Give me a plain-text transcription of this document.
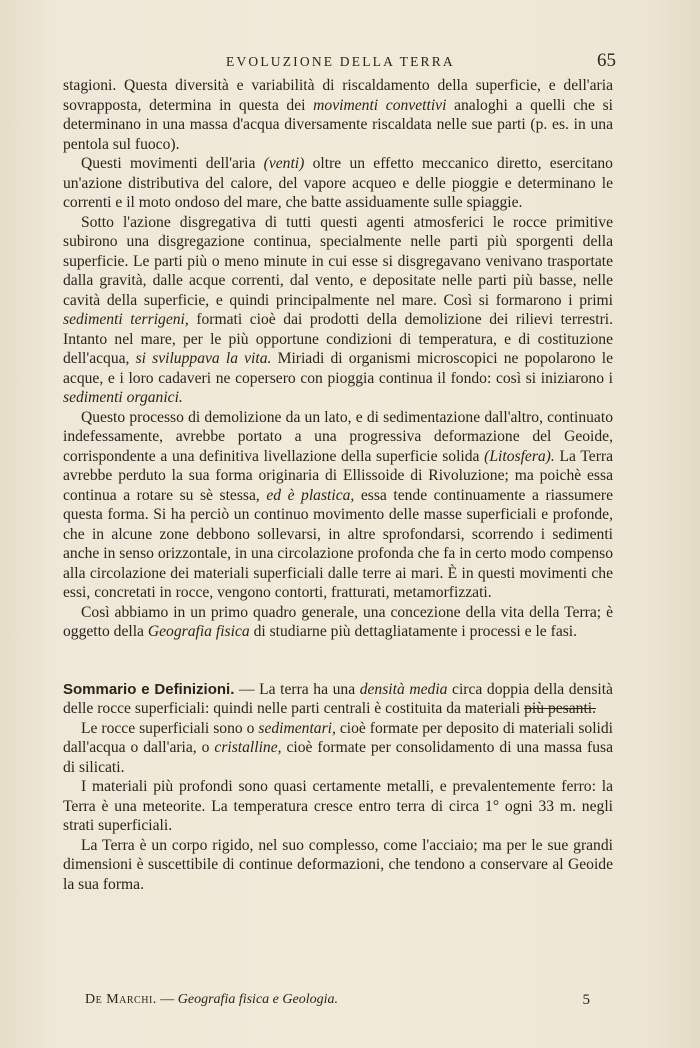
EVOLUZIONE DELLA TERRA	65

stagioni. Questa diversità e variabilità di riscaldamento della superficie, e dell'aria sovrapposta, determina in questa dei movimenti convettivi analoghi a quelli che si determinano in una massa d'acqua diversamente riscaldata nelle sue parti (p. es. in una pentola sul fuoco).

Questi movimenti dell'aria (venti) oltre un effetto meccanico diretto, esercitano un'azione distributiva del calore, del vapore acqueo e delle pioggie e determinano le correnti e il moto ondoso del mare, che batte assiduamente sulle spiaggie.

Sotto l'azione disgregativa di tutti questi agenti atmosferici le rocce primitive subirono una disgregazione continua, specialmente nelle parti più sporgenti della superficie. Le parti più o meno minute in cui esse si disgregavano venivano trasportate dalla gravità, dalle acque correnti, dal vento, e depositate nelle parti più basse, nelle cavità della superficie, e quindi principalmente nel mare. Così si formarono i primi sedimenti terrigeni, formati cioè dai prodotti della demolizione dei rilievi terrestri. Intanto nel mare, per le più opportune condizioni di temperatura, e di costituzione dell'acqua, si sviluppava la vita. Miriadi di organismi microscopici ne popolarono le acque, e i loro cadaveri ne copersero con pioggia continua il fondo: così si iniziarono i sedimenti organici.

Questo processo di demolizione da un lato, e di sedimentazione dall'altro, continuato indefessamente, avrebbe portato a una progressiva deformazione del Geoide, corrispondente a una definitiva livellazione della superficie solida (Litosfera). La Terra avrebbe perduto la sua forma originaria di Ellissoide di Rivoluzione; ma poichè essa continua a rotare su sè stessa, ed è plastica, essa tende continuamente a riassumere questa forma. Si ha perciò un continuo movimento delle masse superficiali e profonde, che in alcune zone debbono sollevarsi, in altre sprofondarsi, scorrendo i sedimenti anche in senso orizzontale, in una circolazione profonda che fa in certo modo compenso alla circolazione dei materiali superficiali dalle terre ai mari. È in questi movimenti che essi, concretati in rocce, vengono contorti, fratturati, metamorfizzati.

Così abbiamo in un primo quadro generale, una concezione della vita della Terra; è oggetto della Geografia fisica di studiarne più dettagliatamente i processi e le fasi.

Sommario e Definizioni. — La terra ha una densità media circa doppia della densità delle rocce superficiali: quindi nelle parti centrali è costituita da materiali più pesanti.

Le rocce superficiali sono o sedimentari, cioè formate per deposito di materiali solidi dall'acqua o dall'aria, o cristalline, cioè formate per consolidamento di una massa fusa di silicati.

I materiali più profondi sono quasi certamente metalli, e prevalentemente ferro: la Terra è una meteorite. La temperatura cresce entro terra di circa 1° ogni 33 m. negli strati superficiali.

La Terra è un corpo rigido, nel suo complesso, come l'acciaio; ma per le sue grandi dimensioni è suscettibile di continue deformazioni, che tendono a conservare al Geoide la sua forma.

De Marchi. — Geografia fisica e Geologia.	5
